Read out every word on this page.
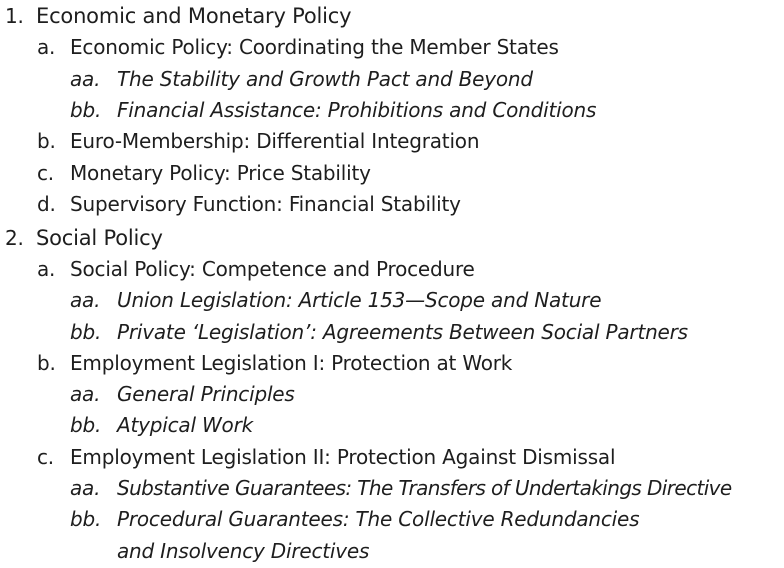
1. Economic and Monetary Policy
a. Economic Policy: Coordinating the Member States
aa. The Stability and Growth Pact and Beyond
bb. Financial Assistance: Prohibitions and Conditions
b. Euro-Membership: Differential Integration
c. Monetary Policy: Price Stability
d. Supervisory Function: Financial Stability
2. Social Policy
a. Social Policy: Competence and Procedure
aa. Union Legislation: Article 153—Scope and Nature
bb. Private ‘Legislation’: Agreements Between Social Partners
b. Employment Legislation I: Protection at Work
aa. General Principles
bb. Atypical Work
c. Employment Legislation II: Protection Against Dismissal
aa. Substantive Guarantees: The Transfers of Undertakings Directive
bb. Procedural Guarantees: The Collective Redundancies
and Insolvency Directives
